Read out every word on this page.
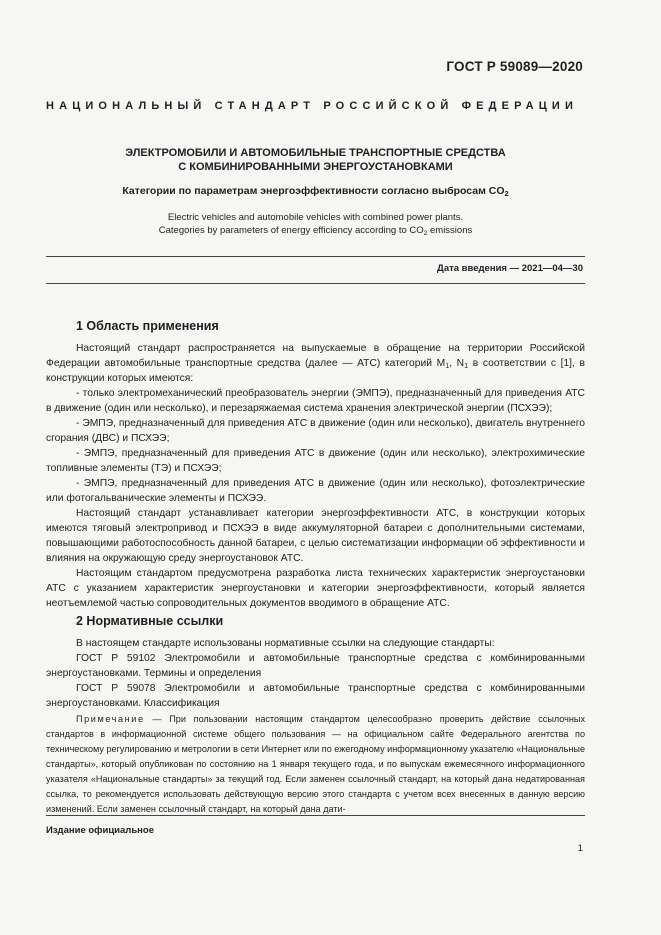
ГОСТ Р 59089—2020
НАЦИОНАЛЬНЫЙ СТАНДАРТ РОССИЙСКОЙ ФЕДЕРАЦИИ
ЭЛЕКТРОМОБИЛИ И АВТОМОБИЛЬНЫЕ ТРАНСПОРТНЫЕ СРЕДСТВА
С КОМБИНИРОВАННЫМИ ЭНЕРГОУСТАНОВКАМИ
Категории по параметрам энергоэффективности согласно выбросам $CO_2$
Electric vehicles and automobile vehicles with combined power plants.
Categories by parameters of energy efficiency according to $CO_2$ emissions
Дата введения — 2021—04—30
1 Область применения

Настоящий стандарт распространяется на выпускаемые в обращение на территории Российской Федерации автомобильные транспортные средства (далее — АТС) категорий $M_1$, $N_1$ в соответствии с [1], в конструкции которых имеются:

- только электромеханический преобразователь энергии (ЭМПЭ), предназначенный для приведения АТС в движение (один или несколько), и перезаряжаемая система хранения электрической энергии (ПСХЭЭ);

- ЭМПЭ, предназначенный для приведения АТС в движение (один или несколько), двигатель внутреннего сгорания (ДВС) и ПСХЭЭ;

- ЭМПЭ, предназначенный для приведения АТС в движение (один или несколько), электрохимические топливные элементы (ТЭ) и ПСХЭЭ;

- ЭМПЭ, предназначенный для приведения АТС в движение (один или несколько), фотоэлектрические или фотогальванические элементы и ПСХЭЭ.

Настоящий стандарт устанавливает категории энергоэффективности АТС, в конструкции которых имеются тяговый электропривод и ПСХЭЭ в виде аккумуляторной батареи с дополнительными системами, повышающими работоспособность данной батареи, с целью систематизации информации об эффективности и влияния на окружающую среду энергоустановок АТС.

Настоящим стандартом предусмотрена разработка листа технических характеристик энергоустановки АТС с указанием характеристик энергоустановки и категории энергоэффективности, который является неотъемлемой частью сопроводительных документов вводимого в обращение АТС.

2 Нормативные ссылки

В настоящем стандарте использованы нормативные ссылки на следующие стандарты:

ГОСТ Р 59102 Электромобили и автомобильные транспортные средства с комбинированными энергоустановками. Термины и определения

ГОСТ Р 59078 Электромобили и автомобильные транспортные средства с комбинированными энергоустановками. Классификация

Примечание — При пользовании настоящим стандартом целесообразно проверить действие ссылочных стандартов в информационной системе общего пользования — на официальном сайте Федерального агентства по техническому регулированию и метрологии в сети Интернет или по ежегодному информационному указателю «Национальные стандарты», который опубликован по состоянию на 1 января текущего года, и по выпускам ежемесячного информационного указателя «Национальные стандарты» за текущий год. Если заменен ссылочный стандарт, на который дана недатированная ссылка, то рекомендуется использовать действующую версию этого стандарта с учетом всех внесенных в данную версию изменений. Если заменен ссылочный стандарт, на который дана дати-

Издание официальное
1
